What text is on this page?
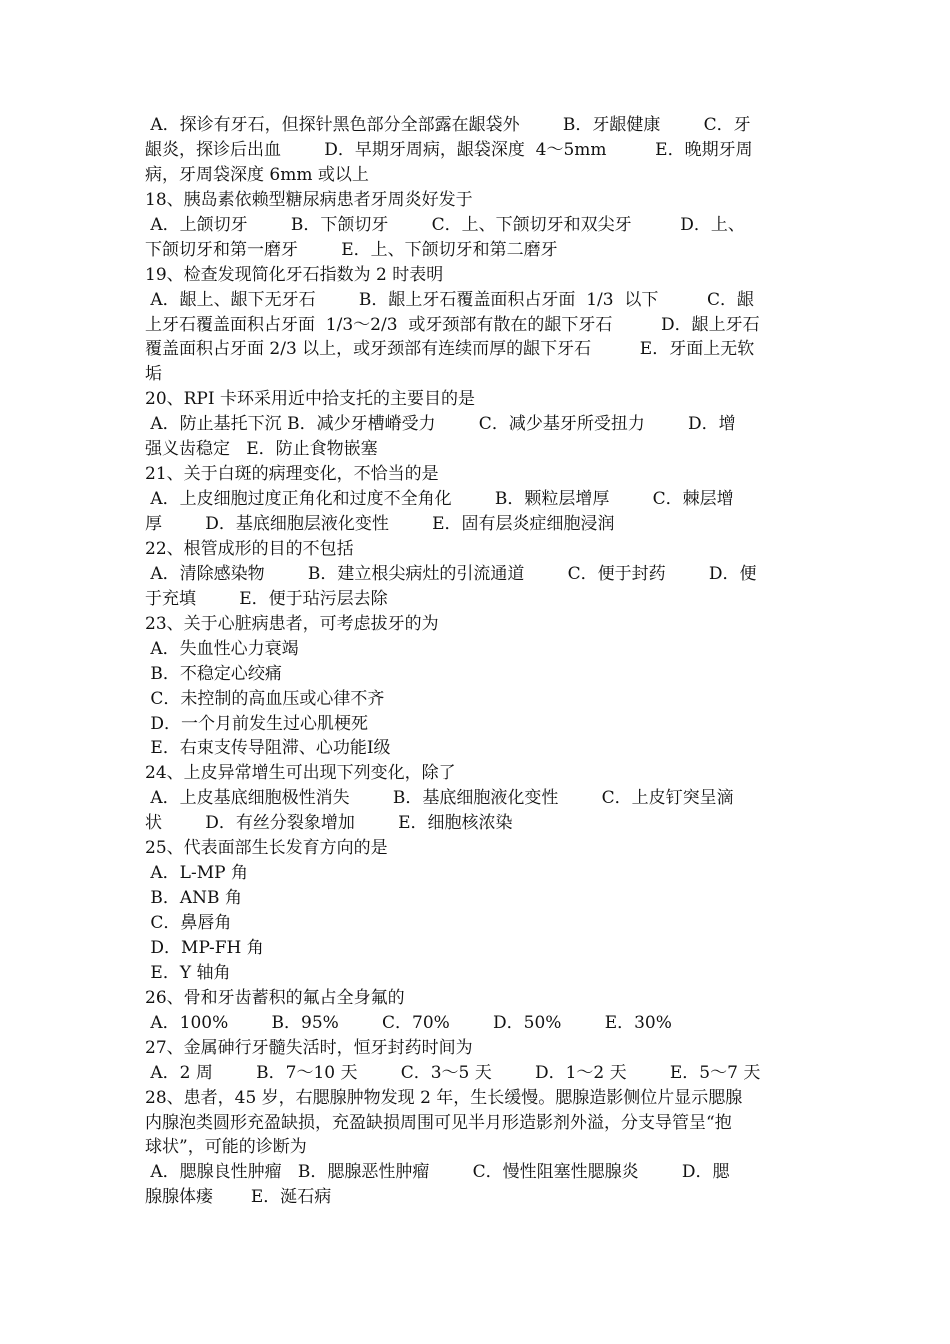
A．探诊有牙石，但探针黑色部分全部露在龈袋外        B．牙龈健康        C．牙
龈炎，探诊后出血        D．早期牙周病，龈袋深度  4～5mm         E．晚期牙周
病，牙周袋深度 6mm 或以上
18、胰岛素依赖型糖尿病患者牙周炎好发于
A．上颌切牙        B．下颌切牙        C．上、下颌切牙和双尖牙         D．上、
下颌切牙和第一磨牙        E．上、下颌切牙和第二磨牙
19、检查发现简化牙石指数为 2 时表明
A．龈上、龈下无牙石        B．龈上牙石覆盖面积占牙面  1/3  以下         C．龈
上牙石覆盖面积占牙面  1/3～2/3  或牙颈部有散在的龈下牙石         D．龈上牙石
覆盖面积占牙面 2/3 以上，或牙颈部有连续而厚的龈下牙石         E．牙面上无软
垢
20、RPI 卡环采用近中拾支托的主要目的是
A．防止基托下沉 B．减少牙槽嵴受力        C．减少基牙所受扭力        D．增
强义齿稳定   E．防止食物嵌塞
21、关于白斑的病理变化，不恰当的是
A．上皮细胞过度正角化和过度不全角化        B．颗粒层增厚        C．棘层增
厚        D．基底细胞层液化变性        E．固有层炎症细胞浸润
22、根管成形的目的不包括
A．清除感染物        B．建立根尖病灶的引流通道        C．便于封药        D．便
于充填        E．便于玷污层去除
23、关于心脏病患者，可考虑拔牙的为
A．失血性心力衰竭
B．不稳定心绞痛
C．未控制的高血压或心律不齐
D．一个月前发生过心肌梗死
E．右束支传导阻滞、心功能Ⅰ级
24、上皮异常增生可出现下列变化，除了
A．上皮基底细胞极性消失        B．基底细胞液化变性        C．上皮钉突呈滴
状        D．有丝分裂象增加        E．细胞核浓染
25、代表面部生长发育方向的是
A．L-MP 角
B．ANB 角
C．鼻唇角
D．MP-FH 角
E．Y 轴角
26、骨和牙齿蓄积的氟占全身氟的
A．100%        B．95%        C．70%        D．50%        E．30%
27、金属砷行牙髓失活时，恒牙封药时间为
A．2 周        B．7～10 天        C．3～5 天        D．1～2 天        E．5～7 天
28、患者，45 岁，右腮腺肿物发现 2 年，生长缓慢。腮腺造影侧位片显示腮腺
内腺泡类圆形充盈缺损，充盈缺损周围可见半月形造影剂外溢，分支导管呈“抱
球状”，可能的诊断为
A．腮腺良性肿瘤   B．腮腺恶性肿瘤        C．慢性阻塞性腮腺炎        D．腮
腺腺体瘘       E．涎石病
